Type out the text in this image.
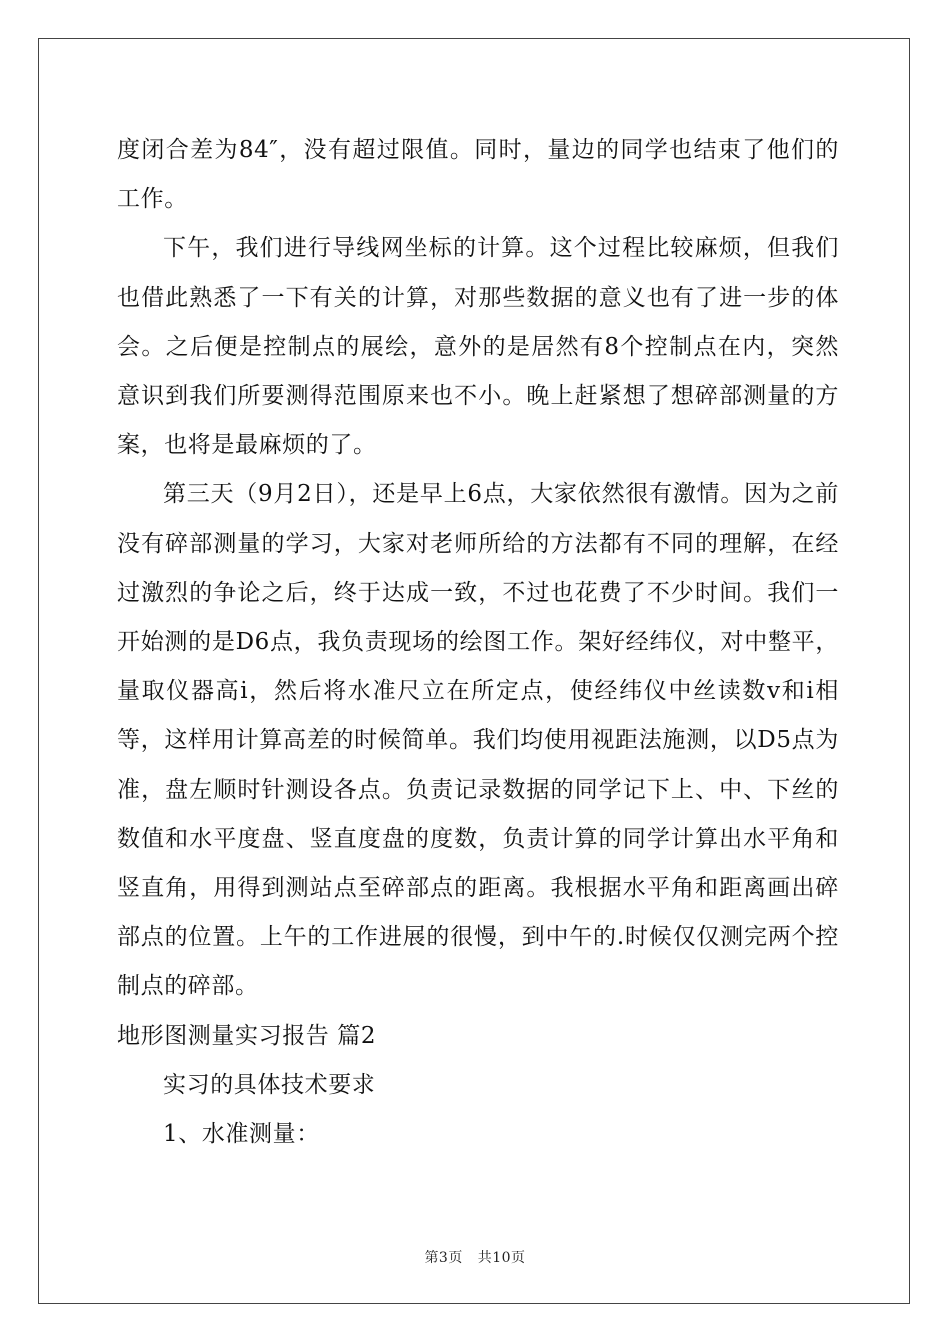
度闭合差为84″，没有超过限值。同时，量边的同学也结束了他们的工作。

下午，我们进行导线网坐标的计算。这个过程比较麻烦，但我们也借此熟悉了一下有关的计算，对那些数据的意义也有了进一步的体会。之后便是控制点的展绘，意外的是居然有8个控制点在内，突然意识到我们所要测得范围原来也不小。晚上赶紧想了想碎部测量的方案，也将是最麻烦的了。

第三天（9月2日），还是早上6点，大家依然很有激情。因为之前没有碎部测量的学习，大家对老师所给的方法都有不同的理解，在经过激烈的争论之后，终于达成一致，不过也花费了不少时间。我们一开始测的是D6点，我负责现场的绘图工作。架好经纬仪，对中整平，量取仪器高i，然后将水准尺立在所定点，使经纬仪中丝读数v和i相等，这样用计算高差的时候简单。我们均使用视距法施测，以D5点为准，盘左顺时针测设各点。负责记录数据的同学记下上、中、下丝的数值和水平度盘、竖直度盘的度数，负责计算的同学计算出水平角和竖直角，用得到测站点至碎部点的距离。我根据水平角和距离画出碎部点的位置。上午的工作进展的很慢，到中午的.时候仅仅测完两个控制点的碎部。

地形图测量实习报告 篇2

实习的具体技术要求

1、水准测量：

第3页 共10页
